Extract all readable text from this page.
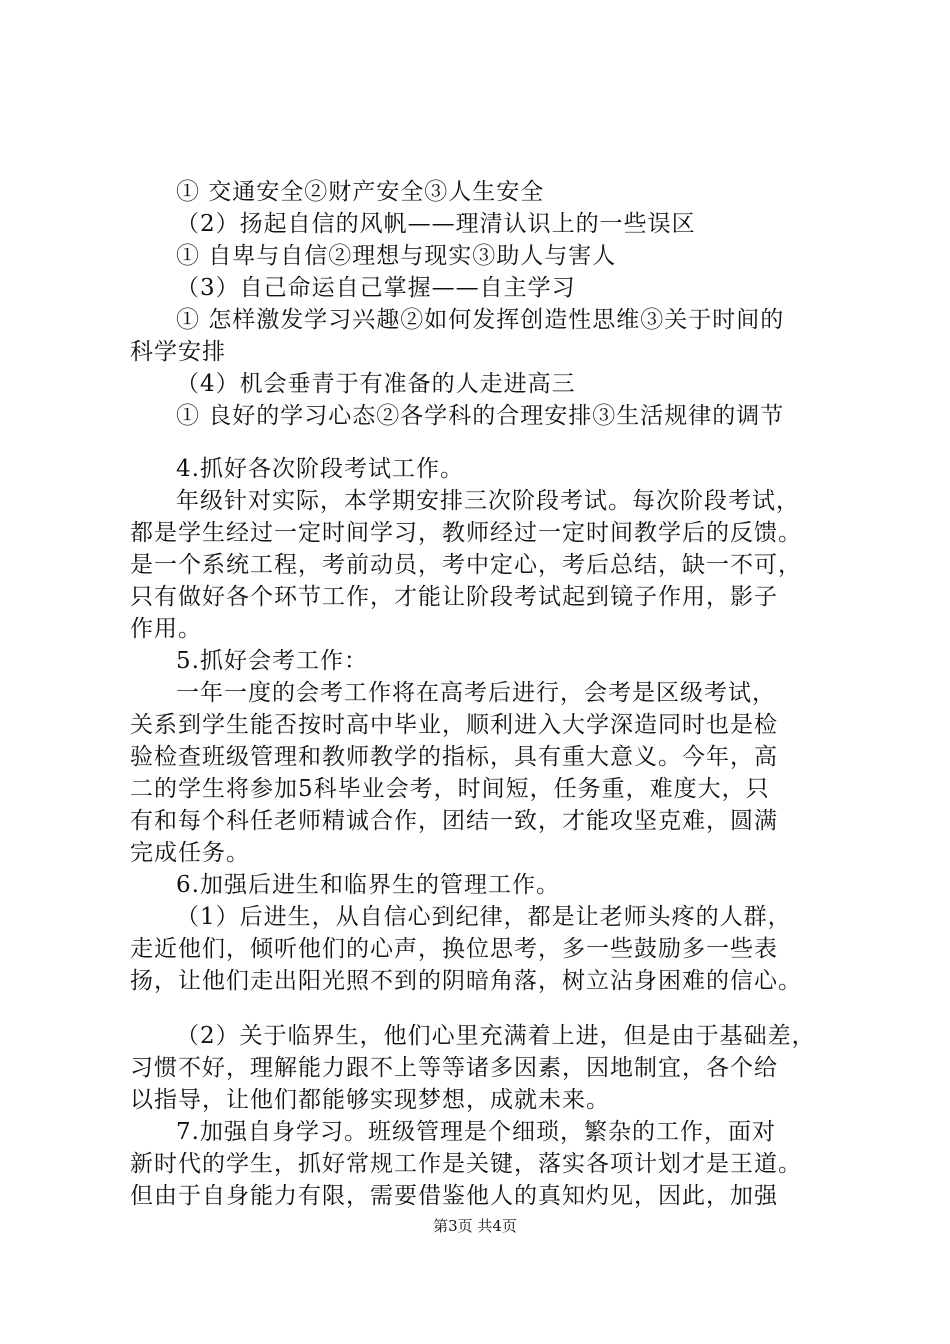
① 交通安全②财产安全③人生安全
（2）扬起自信的风帆——理清认识上的一些误区
① 自卑与自信②理想与现实③助人与害人
（3）自己命运自己掌握——自主学习
① 怎样激发学习兴趣②如何发挥创造性思维③关于时间的
科学安排
（4）机会垂青于有准备的人走进高三
① 良好的学习心态②各学科的合理安排③生活规律的调节
4.抓好各次阶段考试工作。
年级针对实际，本学期安排三次阶段考试。每次阶段考试，
都是学生经过一定时间学习，教师经过一定时间教学后的反馈。
是一个系统工程，考前动员，考中定心，考后总结，缺一不可，
只有做好各个环节工作，才能让阶段考试起到镜子作用，影子
作用。
5.抓好会考工作：
一年一度的会考工作将在高考后进行，会考是区级考试，
关系到学生能否按时高中毕业，顺利进入大学深造同时也是检
验检查班级管理和教师教学的指标，具有重大意义。今年，高
二的学生将参加5科毕业会考，时间短，任务重，难度大，只
有和每个科任老师精诚合作，团结一致，才能攻坚克难，圆满
完成任务。
6.加强后进生和临界生的管理工作。
（1）后进生，从自信心到纪律，都是让老师头疼的人群，
走近他们，倾听他们的心声，换位思考，多一些鼓励多一些表
扬，让他们走出阳光照不到的阴暗角落，树立沾身困难的信心。
（2）关于临界生，他们心里充满着上进，但是由于基础差，
习惯不好，理解能力跟不上等等诸多因素，因地制宜，各个给
以指导，让他们都能够实现梦想，成就未来。
7.加强自身学习。班级管理是个细琐，繁杂的工作，面对
新时代的学生，抓好常规工作是关键，落实各项计划才是王道。
但由于自身能力有限，需要借鉴他人的真知灼见，因此，加强
第3页 共4页
